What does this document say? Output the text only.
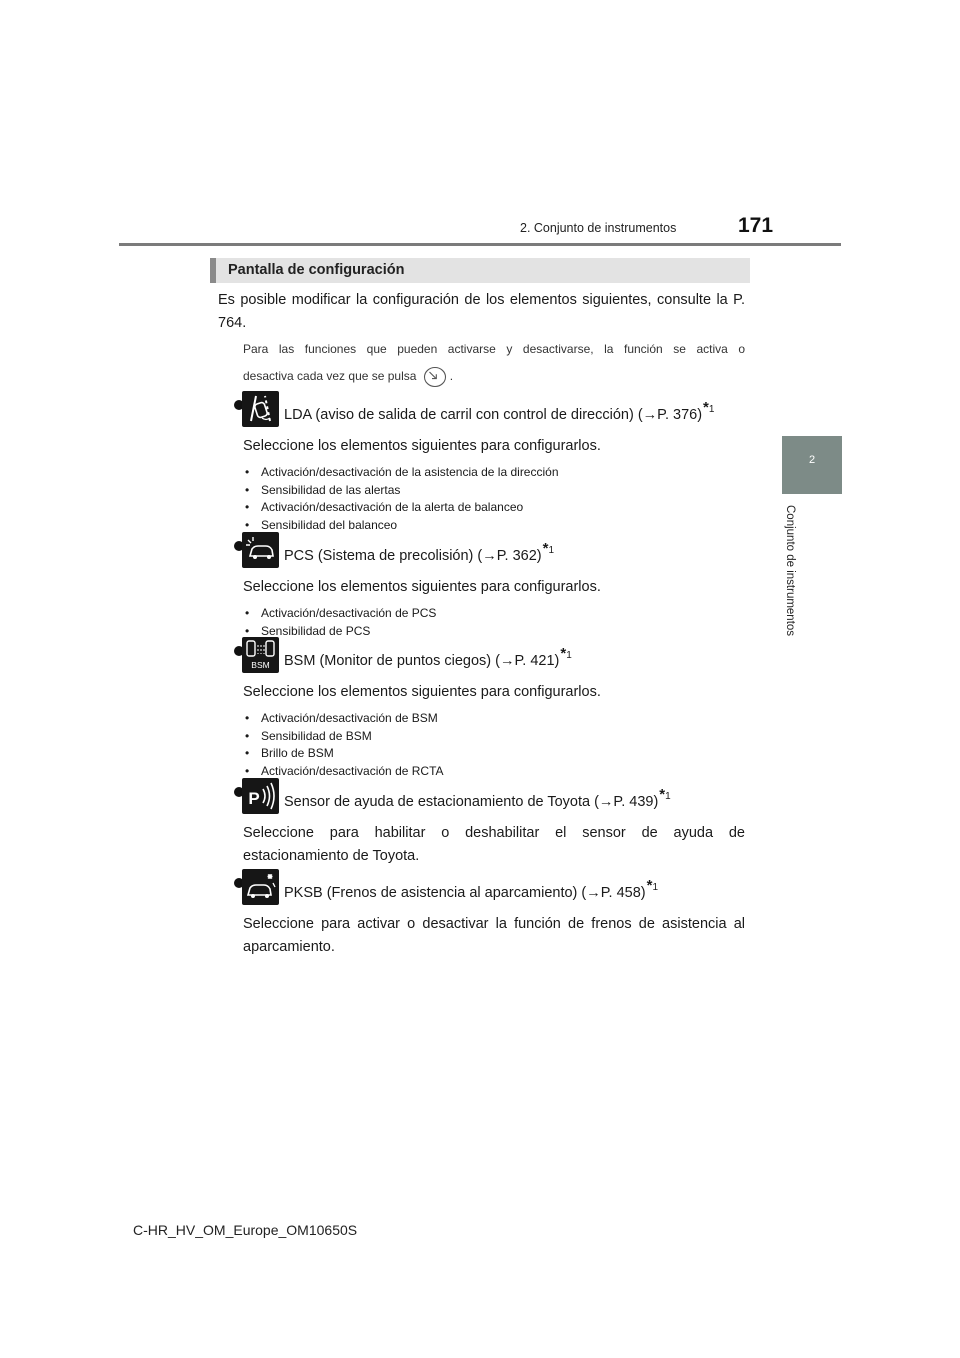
2. Conjunto de instrumentos	171
2
Conjunto de instrumentos
Pantalla de configuración
Es posible modificar la configuración de los elementos siguientes, consulte la P. 764.
Para las funciones que pueden activarse y desactivarse, la función se activa o
desactiva cada vez que se pulsa	.
LDA (aviso de salida de carril con control de dirección) (→P. 376)$^{*1}$
Seleccione los elementos siguientes para configurarlos.
• Activación/desactivación de la asistencia de la dirección
• Sensibilidad de las alertas
• Activación/desactivación de la alerta de balanceo
• Sensibilidad del balanceo
PCS (Sistema de precolisión) (→P. 362)$^{*1}$
Seleccione los elementos siguientes para configurarlos.
• Activación/desactivación de PCS
• Sensibilidad de PCS
BSM BSM (Monitor de puntos ciegos) (→P. 421)$^{*1}$
Seleccione los elementos siguientes para configurarlos.
• Activación/desactivación de BSM
• Sensibilidad de BSM
• Brillo de BSM
• Activación/desactivación de RCTA
P Sensor de ayuda de estacionamiento de Toyota (→P. 439)$^{*1}$
Seleccione para habilitar o deshabilitar el sensor de ayuda de estacionamiento de Toyota.
PKSB (Frenos de asistencia al aparcamiento) (→P. 458)$^{*1}$
Seleccione para activar o desactivar la función de frenos de asistencia al aparcamiento.
C-HR_HV_OM_Europe_OM10650S
